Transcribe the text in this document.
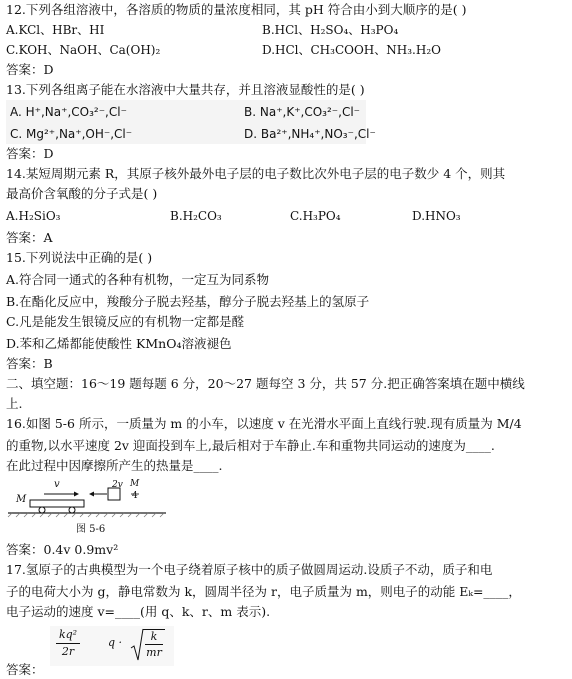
12.下列各组溶液中，各溶质的物质的量浓度相同，其 pH 符合由小到大顺序的是( )
A.KCl、HBr、HI	B.HCl、H₂SO₄、H₃PO₄
C.KOH、NaOH、Ca(OH)₂	D.HCl、CH₃COOH、NH₃.H₂O
答案：D
13.下列各组离子能在水溶液中大量共存，并且溶液显酸性的是( )
A. H⁺,Na⁺,CO₃²⁻,Cl⁻	B. Na⁺,K⁺,CO₃²⁻,Cl⁻
C. Mg²⁺,Na⁺,OH⁻,Cl⁻	D. Ba²⁺,NH₄⁺,NO₃⁻,Cl⁻
答案：D
14.某短周期元素 R，其原子核外最外电子层的电子数比次外电子层的电子数少 4 个，则其
最高价含氧酸的分子式是( )
A.H₂SiO₃	B.H₂CO₃	C.H₃PO₄	D.HNO₃
答案：A
15.下列说法中正确的是( )
A.符合同一通式的各种有机物，一定互为同系物
B.在酯化反应中，羧酸分子脱去羟基，醇分子脱去羟基上的氢原子
C.凡是能发生银镜反应的有机物一定都是醛
D.苯和乙烯都能使酸性 KMnO₄溶液褪色
答案：B
二、填空题：16～19 题每题 6 分，20～27 题每空 3 分，共 57 分.把正确答案填在题中横线
上.
16.如图 5-6 所示，一质量为 m 的小车，以速度 v 在光滑水平面上直线行驶.现有质量为 M/4
的重物,以水平速度 2v 迎面投到车上,最后相对于车静止.车和重物共同运动的速度为____.
在此过程中因摩擦所产生的热量是____.
v
M
2v M
4
图 5-6
答案：0.4v 0.9mv²
17.氢原子的古典模型为一个电子绕着原子核中的质子做圆周运动.设质子不动，质子和电
子的电荷大小为 g，静电常数为 k，圆周半径为 r，电子质量为 m，则电子的动能 Eₖ=____，
电子运动的速度 v=____(用 q、k、r、m 表示).
kq²
2r
q ·	k
mr
答案：
